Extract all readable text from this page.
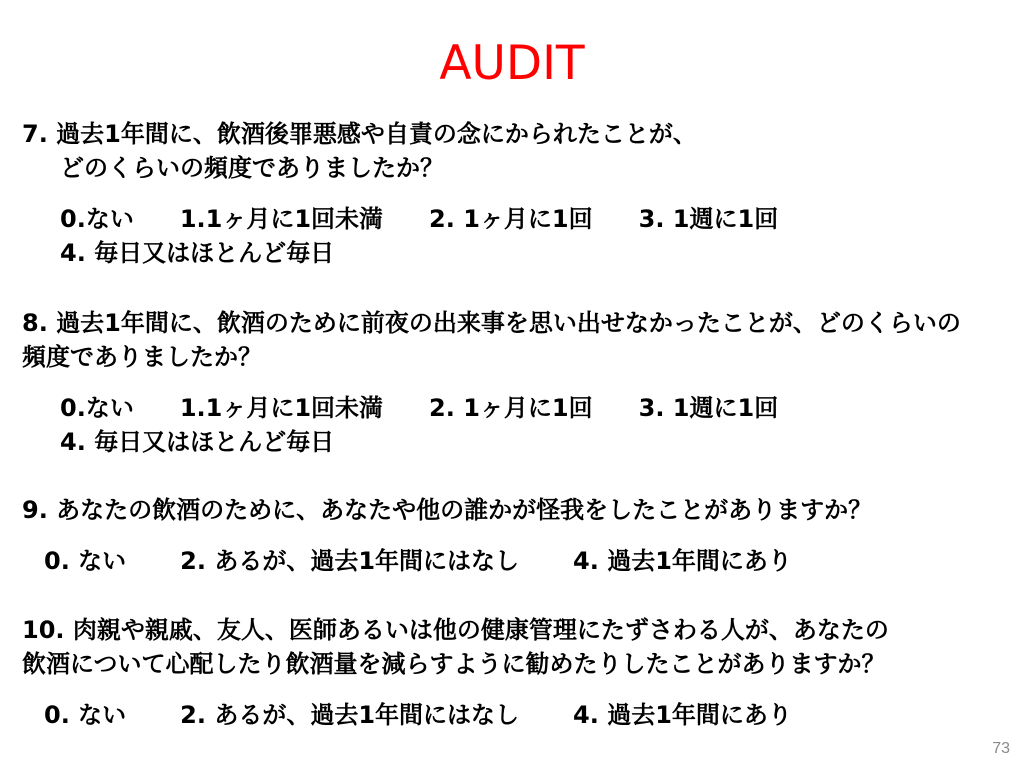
AUDIT
7. 過去1年間に、飲酒後罪悪感や自責の念にかられたことが、
どのくらいの頻度でありましたか？
0.ない 1.1ヶ月に1回未満 2. 1ヶ月に1回 3. 1週に1回
4. 毎日又はほとんど毎日
8. 過去1年間に、飲酒のために前夜の出来事を思い出せなかったことが、どのくらいの
頻度でありましたか？
0.ない 1.1ヶ月に1回未満 2. 1ヶ月に1回 3. 1週に1回
4. 毎日又はほとんど毎日
9. あなたの飲酒のために、あなたや他の誰かが怪我をしたことがありますか？
0. ない 2. あるが、過去1年間にはなし 4. 過去1年間にあり
10. 肉親や親戚、友人、医師あるいは他の健康管理にたずさわる人が、あなたの
飲酒について心配したり飲酒量を減らすように勧めたりしたことがありますか？
0. ない 2. あるが、過去1年間にはなし 4. 過去1年間にあり
73
